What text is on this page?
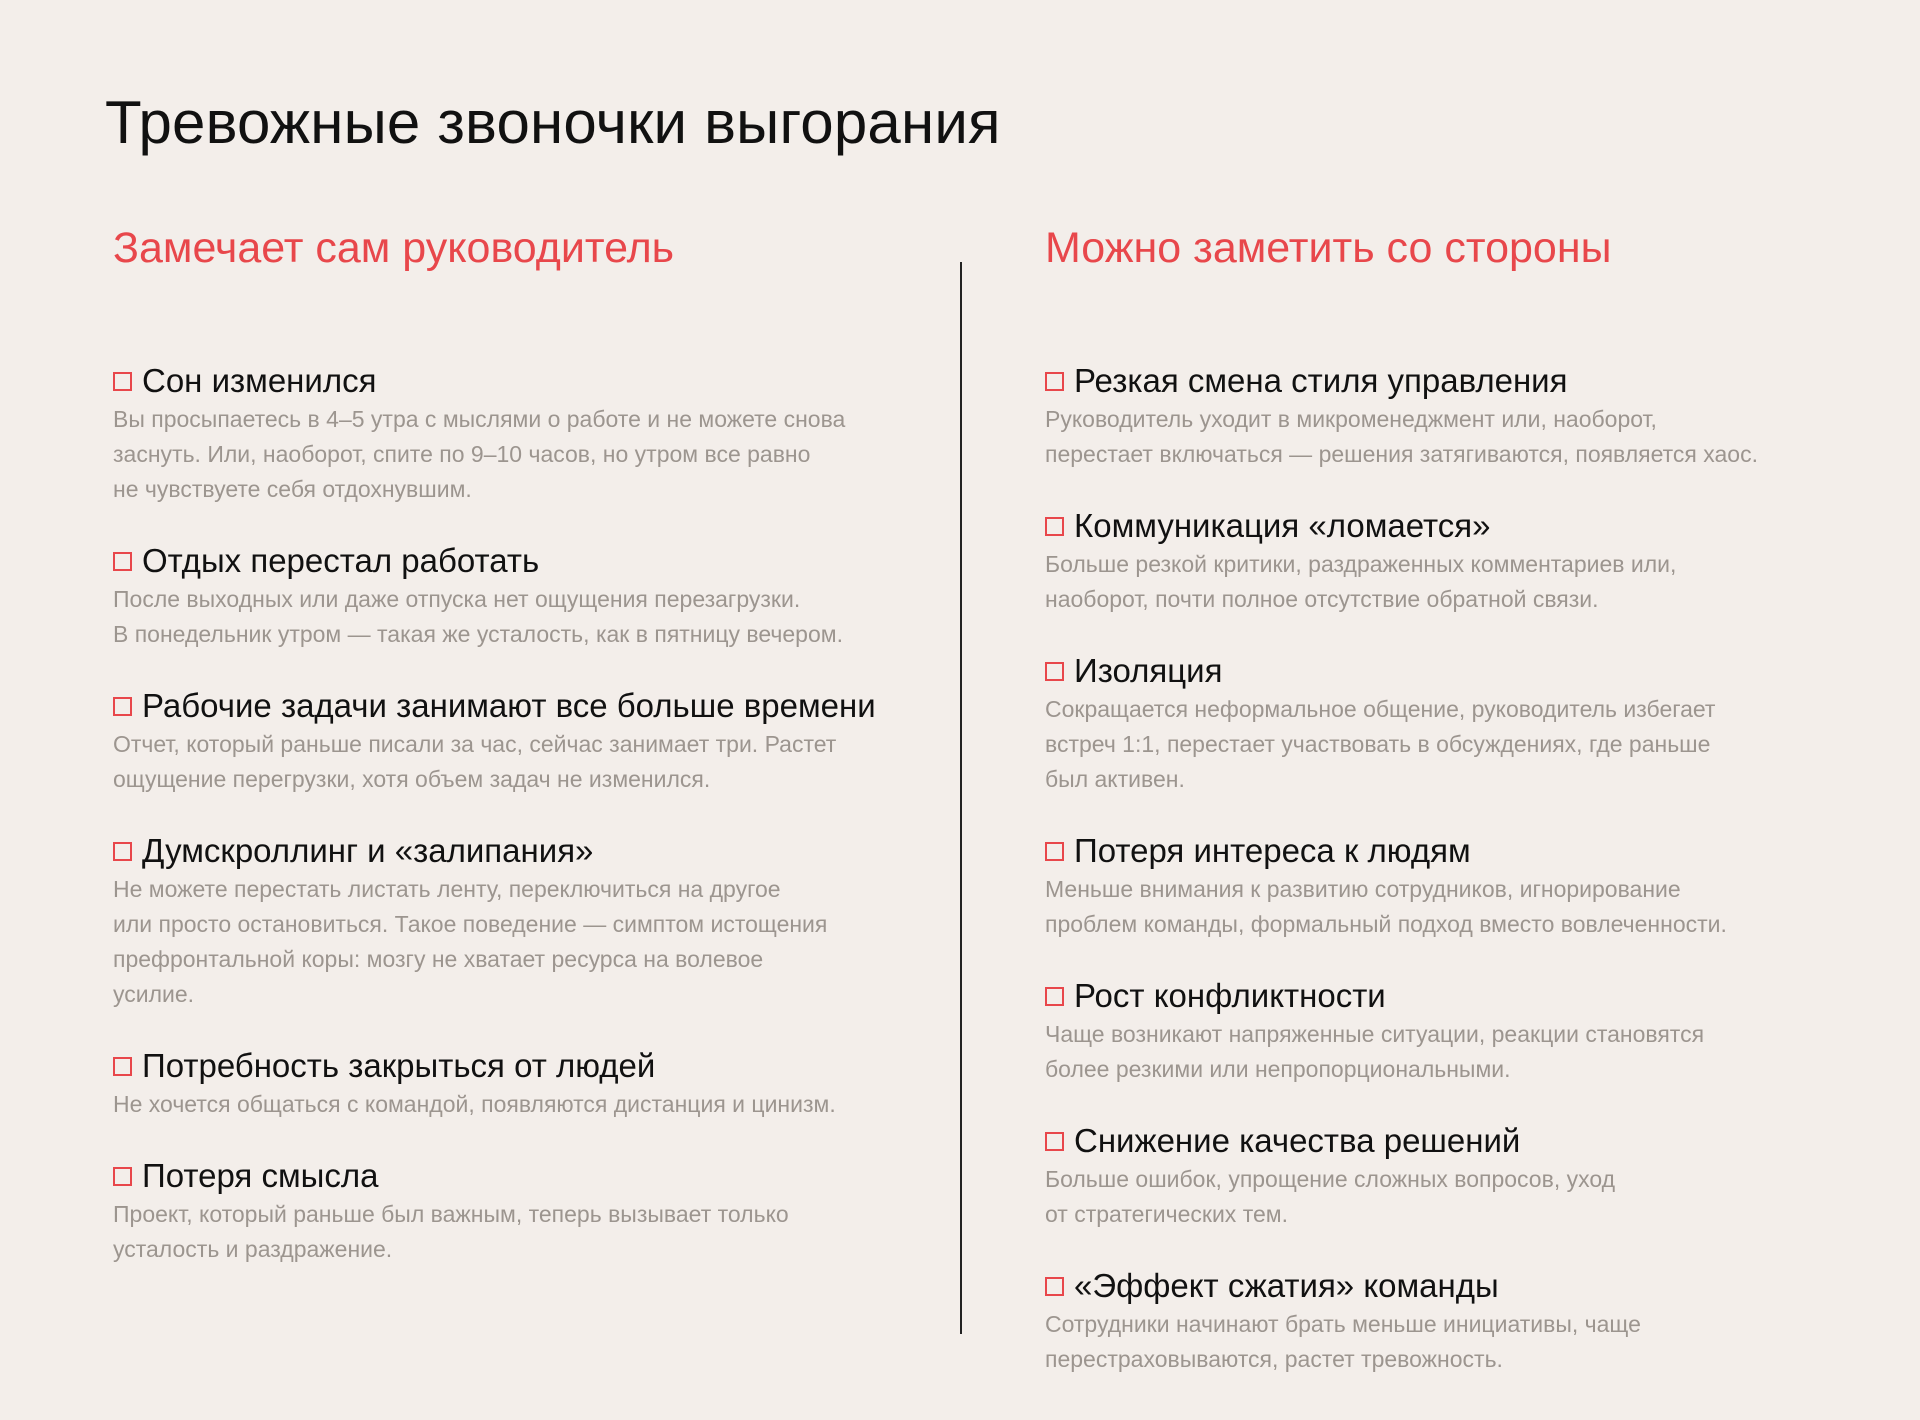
Тревожные звоночки выгорания
Замечает сам руководитель
Сон изменился

Вы просыпаетесь в 4–5 утра с мыслями о работе и не можете снова
заснуть. Или, наоборот, спите по 9–10 часов, но утром все равно
не чувствуете себя отдохнувшим.

Отдых перестал работать

После выходных или даже отпуска нет ощущения перезагрузки.
В понедельник утром — такая же усталость, как в пятницу вечером.

Рабочие задачи занимают все больше времени

Отчет, который раньше писали за час, сейчас занимает три. Растет
ощущение перегрузки, хотя объем задач не изменился.

Думскроллинг и «залипания»

Не можете перестать листать ленту, переключиться на другое
или просто остановиться. Такое поведение — симптом истощения
префронтальной коры: мозгу не хватает ресурса на волевое
усилие.

Потребность закрыться от людей

Не хочется общаться с командой, появляются дистанция и цинизм.

Потеря смысла

Проект, который раньше был важным, теперь вызывает только
усталость и раздражение.

Можно заметить со стороны
Резкая смена стиля управления

Руководитель уходит в микроменеджмент или, наоборот,
перестает включаться — решения затягиваются, появляется хаос.

Коммуникация «ломается»

Больше резкой критики, раздраженных комментариев или,
наоборот, почти полное отсутствие обратной связи.

Изоляция

Сокращается неформальное общение, руководитель избегает
встреч 1:1, перестает участвовать в обсуждениях, где раньше
был активен.

Потеря интереса к людям

Меньше внимания к развитию сотрудников, игнорирование
проблем команды, формальный подход вместо вовлеченности.

Рост конфликтности

Чаще возникают напряженные ситуации, реакции становятся
более резкими или непропорциональными.

Снижение качества решений

Больше ошибок, упрощение сложных вопросов, уход
от стратегических тем.

«Эффект сжатия» команды

Сотрудники начинают брать меньше инициативы, чаще
перестраховываются, растет тревожность.
